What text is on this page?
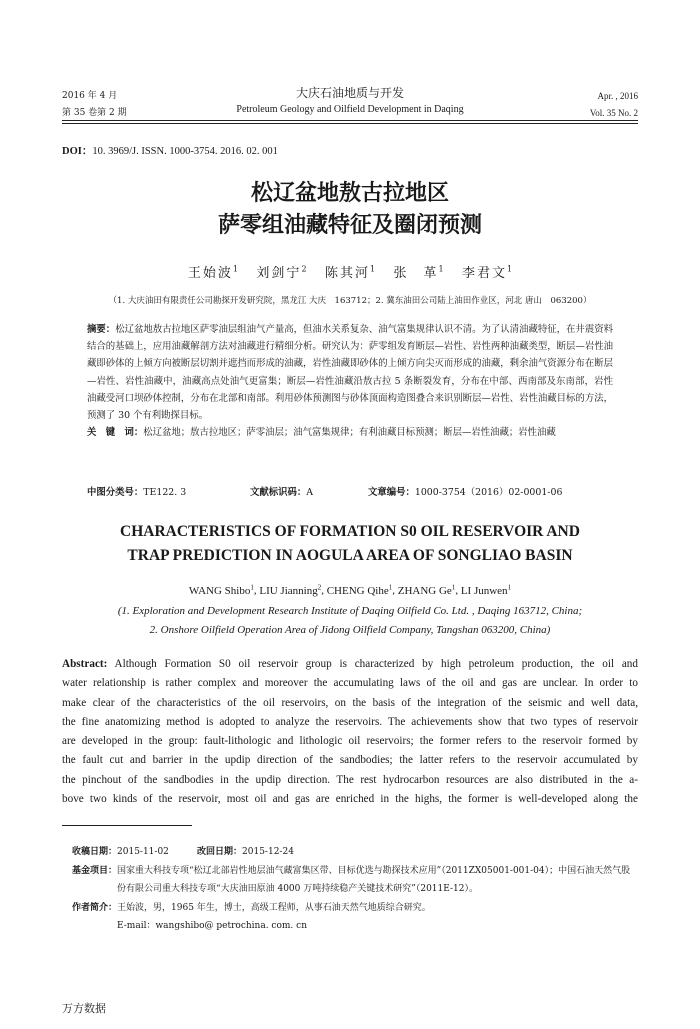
2016 年 4 月
第 35 卷第 2 期
大庆石油地质与开发
Petroleum Geology and Oilfield Development in Daqing
Apr. , 2016
Vol. 35 No. 2
DOI：10. 3969/J. ISSN. 1000-3754. 2016. 02. 001
松辽盆地敖古拉地区
萨零组油藏特征及圈闭预测
王始波$^1$ 刘剑宁$^2$ 陈其河$^1$ 张　革$^1$ 李君文$^1$
（1. 大庆油田有限责任公司勘探开发研究院，黑龙江 大庆　163712；2. 冀东油田公司陆上油田作业区，河北 唐山　063200）
摘要：松辽盆地敖古拉地区萨零油层组油气产量高，但油水关系复杂、油气富集规律认识不清。为了认清油藏特征，在井震资料结合的基础上，应用油藏解剖方法对油藏进行精细分析。研究认为：萨零组发育断层—岩性、岩性两种油藏类型，断层—岩性油藏即砂体的上倾方向被断层切割并遮挡而形成的油藏，岩性油藏即砂体的上倾方向尖灭而形成的油藏，剩余油气资源分布在断层—岩性、岩性油藏中，油藏高点处油气更富集；断层—岩性油藏沿敖古拉 5 条断裂发育，分布在中部、西南部及东南部，岩性油藏受河口坝砂体控制，分布在北部和南部。利用砂体预测图与砂体顶面构造图叠合来识别断层—岩性、岩性油藏目标的方法，预测了 30 个有利勘探目标。
关　键　词：松辽盆地；敖古拉地区；萨零油层；油气富集规律；有利油藏目标预测；断层—岩性油藏；岩性油藏
中图分类号：TE122. 3	文献标识码：A	文章编号：1000-3754（2016）02-0001-06
CHARACTERISTICS OF FORMATION S0 OIL RESERVOIR AND
TRAP PREDICTION IN AOGULA AREA OF SONGLIAO BASIN
WANG Shibo$^1$, LIU Jianning$^2$, CHENG Qihe$^1$, ZHANG Ge$^1$, LI Junwen$^1$
(1. Exploration and Development Research Institute of Daqing Oilfield Co. Ltd. , Daqing 163712, China;
2. Onshore Oilfield Operation Area of Jidong Oilfield Company, Tangshan 063200, China)
Abstract: Although Formation S0 oil reservoir group is characterized by high petroleum production, the oil and
water relationship is rather complex and moreover the accumulating laws of the oil and gas are unclear. In order to
make clear of the characteristics of the oil reservoirs, on the basis of the integration of the seismic and well data,
the fine anatomizing method is adopted to analyze the reservoirs. The achievements show that two types of reservoir
are developed in the group: fault-lithologic and lithologic oil reservoirs; the former refers to the reservoir formed by
the fault cut and barrier in the updip direction of the sandbodies; the latter refers to the reservoir accumulated by
the pinchout of the sandbodies in the updip direction. The rest hydrocarbon resources are also distributed in the a-
bove two kinds of the reservoir, most oil and gas are enriched in the highs, the former is well-developed along the
收稿日期： 2015-11-02	改回日期： 2015-12-24
基金项目： 国家重大科技专项“松辽北部岩性地层油气藏富集区带、目标优选与勘探技术应用”（2011ZX05001-001-04）；中国石油天然气股份有限公司重大科技专项“大庆油田原油 4000 万吨持续稳产关键技术研究”（2011E-12）。
作者简介： 王始波，男，1965 年生，博士，高级工程师，从事石油天然气地质综合研究。
E-mail：wangshibo@ petrochina. com. cn
万方数据
